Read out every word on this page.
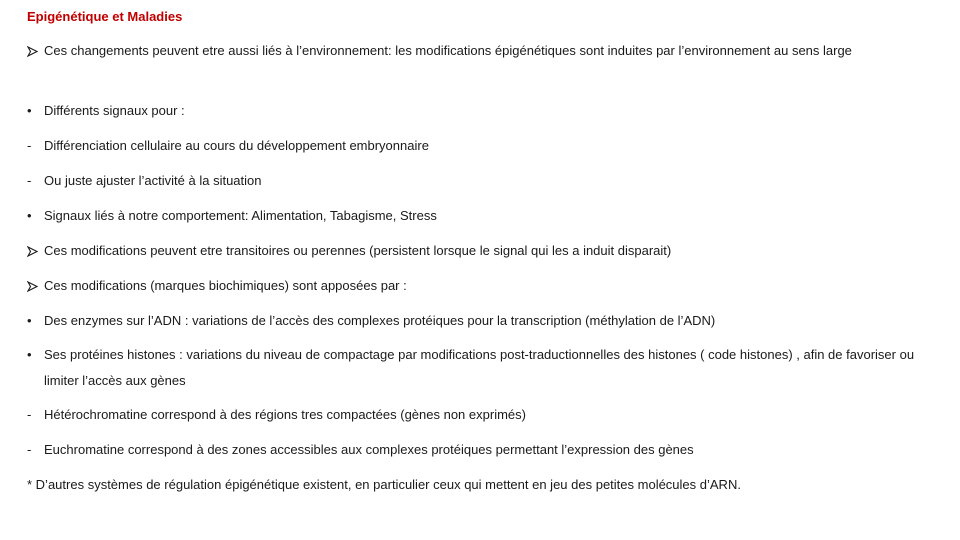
Epigénétique et Maladies
Ces changements peuvent etre aussi liés à l’environnement: les modifications épigénétiques sont induites par l’environnement au sens large
• Différents signaux pour :
- Différenciation cellulaire au cours du développement embryonnaire
- Ou juste ajuster l’activité à la situation
• Signaux liés à notre comportement: Alimentation, Tabagisme, Stress
Ces modifications peuvent etre transitoires ou perennes (persistent lorsque le signal qui les a induit disparait)
Ces modifications (marques biochimiques) sont apposées par :
• Des enzymes sur l’ADN : variations de l’accès des complexes protéiques pour la transcription (méthylation de l’ADN)
• Ses protéines histones : variations du niveau de compactage par modifications post-traductionnelles des histones ( code histones) , afin de favoriser ou limiter l’accès aux gènes
- Hétérochromatine correspond à des régions tres compactées (gènes non exprimés)
- Euchromatine correspond à des zones accessibles aux complexes protéiques permettant l’expression des gènes
* D’autres systèmes de régulation épigénétique existent, en particulier ceux qui mettent en jeu des petites molécules d’ARN.
